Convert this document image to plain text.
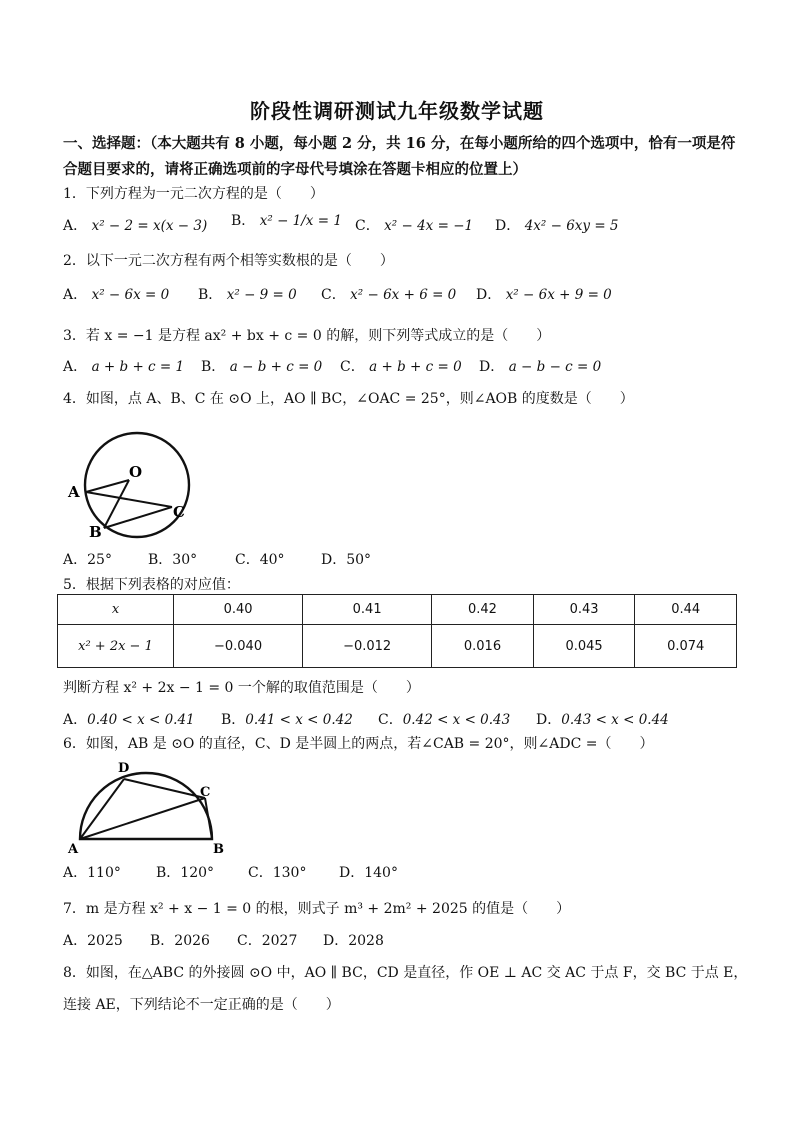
阶段性调研测试九年级数学试题
一、选择题：（本大题共有 8 小题，每小题 2 分，共 16 分，在每小题所给的四个选项中，恰有一项是符合题目要求的，请将正确选项前的字母代号填涂在答题卡相应的位置上）
1．下列方程为一元二次方程的是（　　）
A． x² − 2 = x(x − 3) B． x² − 1/x = 1 C． x² − 4x = −1 D． 4x² − 6xy = 5
2．以下一元二次方程有两个相等实数根的是（　　）
A． x² − 6x = 0 B． x² − 9 = 0 C． x² − 6x + 6 = 0 D． x² − 6x + 9 = 0
3．若 x = −1 是方程 ax² + bx + c = 0 的解，则下列等式成立的是（　　）
A． a + b + c = 1 B． a − b + c = 0 C． a + b + c = 0 D． a − b − c = 0
4．如图，点 A、B、C 在 ⊙O 上，AO ∥ BC，∠OAC = 25°，则∠AOB 的度数是（　　）
O
A
B
C
A．25°	B．30°	C．40°	D．50°
5．根据下列表格的对应值：
x	0.40	0.41	0.42	0.43	0.44
x² + 2x − 1	−0.040	−0.012	0.016	0.045	0.074
判断方程 x² + 2x − 1 = 0 一个解的取值范围是（　　）
A．0.40 < x < 0.41 B．0.41 < x < 0.42 C．0.42 < x < 0.43 D．0.43 < x < 0.44
6．如图，AB 是 ⊙O 的直径，C、D 是半圆上的两点，若∠CAB = 20°，则∠ADC =（　　）
D
C
A	B
A．110°	B．120° C．130° D．140°
7．m 是方程 x² + x − 1 = 0 的根，则式子 m³ + 2m² + 2025 的值是（　　）
A．2025 B．2026 C．2027 D．2028
8．如图，在△ABC 的外接圆 ⊙O 中，AO ∥ BC，CD 是直径，作 OE ⊥ AC 交 AC 于点 F，交 BC 于点 E，
连接 AE，下列结论不一定正确的是（　　）
